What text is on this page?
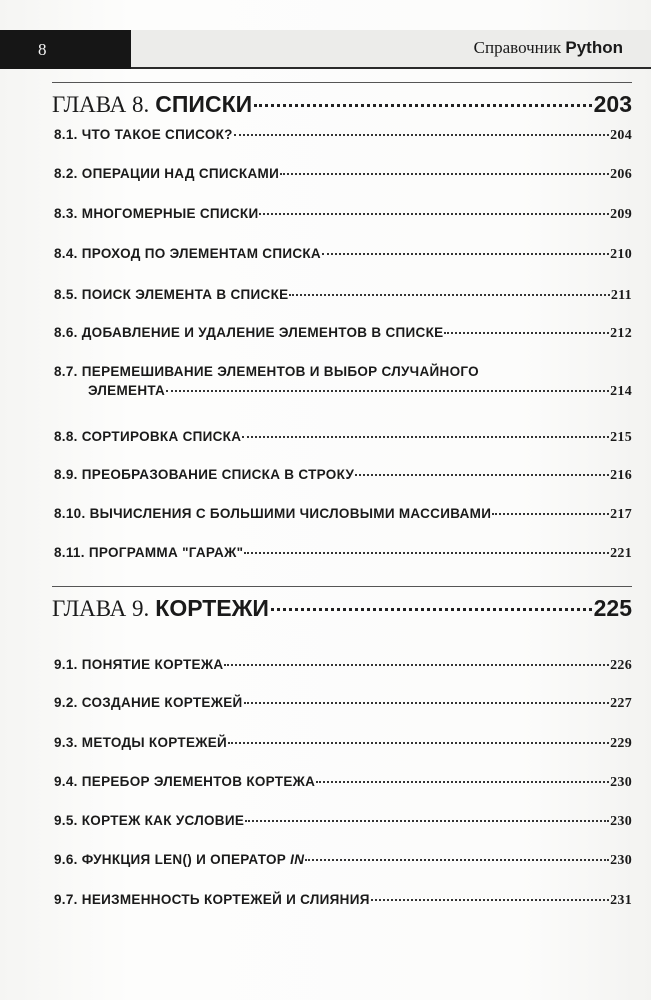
8	Справочник Python
ГЛАВА 8. СПИСКИ	203
8.1. ЧТО ТАКОЕ СПИСОК?	204
8.2. ОПЕРАЦИИ НАД СПИСКАМИ	206
8.3. МНОГОМЕРНЫЕ СПИСКИ	209
8.4. ПРОХОД ПО ЭЛЕМЕНТАМ СПИСКА	210
8.5. ПОИСК ЭЛЕМЕНТА В СПИСКЕ	211
8.6. ДОБАВЛЕНИЕ И УДАЛЕНИЕ ЭЛЕМЕНТОВ В СПИСКЕ	212
8.7. ПЕРЕМЕШИВАНИЕ ЭЛЕМЕНТОВ И ВЫБОР СЛУЧАЙНОГО
ЭЛЕМЕНТА	214
8.8. СОРТИРОВКА СПИСКА	215
8.9. ПРЕОБРАЗОВАНИЕ СПИСКА В СТРОКУ	216
8.10. ВЫЧИСЛЕНИЯ С БОЛЬШИМИ ЧИСЛОВЫМИ МАССИВАМИ	217
8.11. ПРОГРАММА "ГАРАЖ"	221
ГЛАВА 9. КОРТЕЖИ	225
9.1. ПОНЯТИЕ КОРТЕЖА	226
9.2. СОЗДАНИЕ КОРТЕЖЕЙ	227
9.3. МЕТОДЫ КОРТЕЖЕЙ	229
9.4. ПЕРЕБОР ЭЛЕМЕНТОВ КОРТЕЖА	230
9.5. КОРТЕЖ КАК УСЛОВИЕ	230
9.6. ФУНКЦИЯ LEN() И ОПЕРАТОР IN	230
9.7. НЕИЗМЕННОСТЬ КОРТЕЖЕЙ И СЛИЯНИЯ	231
